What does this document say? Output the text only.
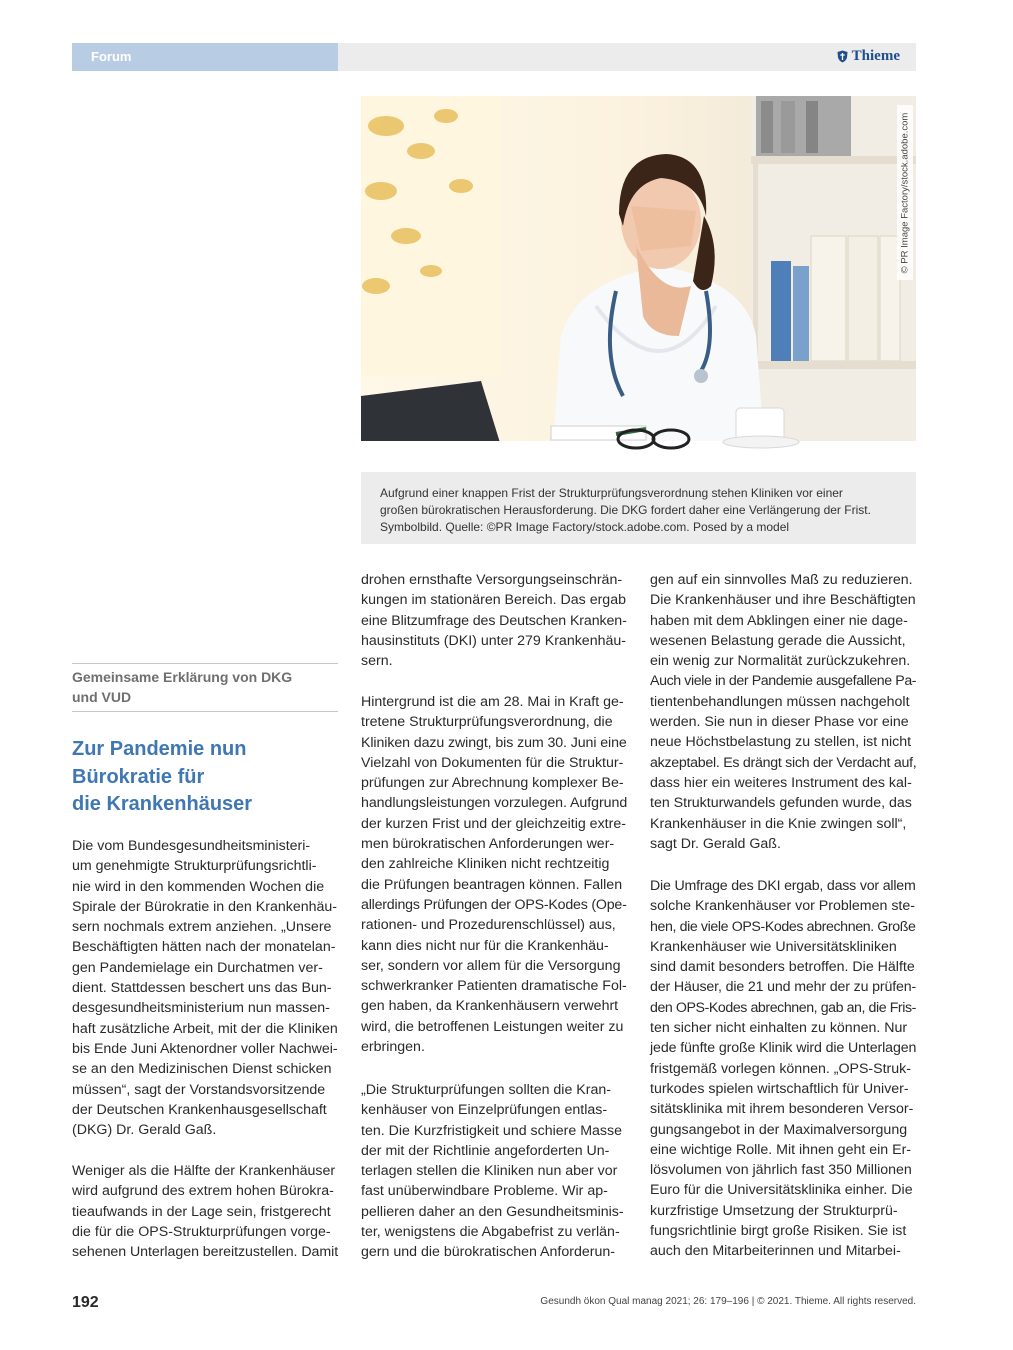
Forum	Thieme
© PR Image Factory/stock.adobe.com
Aufgrund einer knappen Frist der Strukturprüfungsverordnung stehen Kliniken vor einer
großen bürokratischen Herausforderung. Die DKG fordert daher eine Verlängerung der Frist.
Symbolbild. Quelle: ©PR Image Factory/stock.adobe.com. Posed by a model
Gemeinsame Erklärung von DKG
und VUD
Zur Pandemie nun
Bürokratie für
die Krankenhäuser
Die vom Bundesgesundheitsministeri-
um genehmigte Strukturprüfungsrichtli-
nie wird in den kommenden Wochen die
Spirale der Bürokratie in den Krankenhäu-
sern nochmals extrem anziehen. „Unsere
Beschäftigten hätten nach der monatelan-
gen Pandemielage ein Durchatmen ver-
dient. Stattdessen beschert uns das Bun-
desgesundheitsministerium nun massen-
haft zusätzliche Arbeit, mit der die Kliniken
bis Ende Juni Aktenordner voller Nachwei-
se an den Medizinischen Dienst schicken
müssen“, sagt der Vorstandsvorsitzende
der Deutschen Krankenhausgesellschaft
(DKG) Dr. Gerald Gaß.
Weniger als die Hälfte der Krankenhäuser
wird aufgrund des extrem hohen Bürokra-
tieaufwands in der Lage sein, fristgerecht
die für die OPS-Strukturprüfungen vorge-
sehenen Unterlagen bereitzustellen. Damit
drohen ernsthafte Versorgungseinschrän-
kungen im stationären Bereich. Das ergab
eine Blitzumfrage des Deutschen Kranken-
hausinstituts (DKI) unter 279 Krankenhäu-
sern.
Hintergrund ist die am 28. Mai in Kraft ge-
tretene Strukturprüfungsverordnung, die
Kliniken dazu zwingt, bis zum 30. Juni eine
Vielzahl von Dokumenten für die Struktur-
prüfungen zur Abrechnung komplexer Be-
handlungsleistungen vorzulegen. Aufgrund
der kurzen Frist und der gleichzeitig extre-
men bürokratischen Anforderungen wer-
den zahlreiche Kliniken nicht rechtzeitig
die Prüfungen beantragen können. Fallen
allerdings Prüfungen der OPS-Kodes (Ope-
rationen- und Prozedurenschlüssel) aus,
kann dies nicht nur für die Krankenhäu-
ser, sondern vor allem für die Versorgung
schwerkranker Patienten dramatische Fol-
gen haben, da Krankenhäusern verwehrt
wird, die betroffenen Leistungen weiter zu
erbringen.
„Die Strukturprüfungen sollten die Kran-
kenhäuser von Einzelprüfungen entlas-
ten. Die Kurzfristigkeit und schiere Masse
der mit der Richtlinie angeforderten Un-
terlagen stellen die Kliniken nun aber vor
fast unüberwindbare Probleme. Wir ap-
pellieren daher an den Gesundheitsminis-
ter, wenigstens die Abgabefrist zu verlän-
gern und die bürokratischen Anforderun-
gen auf ein sinnvolles Maß zu reduzieren.
Die Krankenhäuser und ihre Beschäftigten
haben mit dem Abklingen einer nie dage-
wesenen Belastung gerade die Aussicht,
ein wenig zur Normalität zurückzukehren.
Auch viele in der Pandemie ausgefallene Pa-
tientenbehandlungen müssen nachgeholt
werden. Sie nun in dieser Phase vor eine
neue Höchstbelastung zu stellen, ist nicht
akzeptabel. Es drängt sich der Verdacht auf,
dass hier ein weiteres Instrument des kal-
ten Strukturwandels gefunden wurde, das
Krankenhäuser in die Knie zwingen soll“,
sagt Dr. Gerald Gaß.
Die Umfrage des DKI ergab, dass vor allem
solche Krankenhäuser vor Problemen ste-
hen, die viele OPS-Kodes abrechnen. Große
Krankenhäuser wie Universitätskliniken
sind damit besonders betroffen. Die Hälfte
der Häuser, die 21 und mehr der zu prüfen-
den OPS-Kodes abrechnen, gab an, die Fris-
ten sicher nicht einhalten zu können. Nur
jede fünfte große Klinik wird die Unterlagen
fristgemäß vorlegen können. „OPS-Struk-
turkodes spielen wirtschaftlich für Univer-
sitätsklinika mit ihrem besonderen Versor-
gungsangebot in der Maximalversorgung
eine wichtige Rolle. Mit ihnen geht ein Er-
lösvolumen von jährlich fast 350 Millionen
Euro für die Universitätsklinika einher. Die
kurzfristige Umsetzung der Strukturprü-
fungsrichtlinie birgt große Risiken. Sie ist
auch den Mitarbeiterinnen und Mitarbei-
192	Gesundh ökon Qual manag 2021; 26: 179–196 | © 2021. Thieme. All rights reserved.
